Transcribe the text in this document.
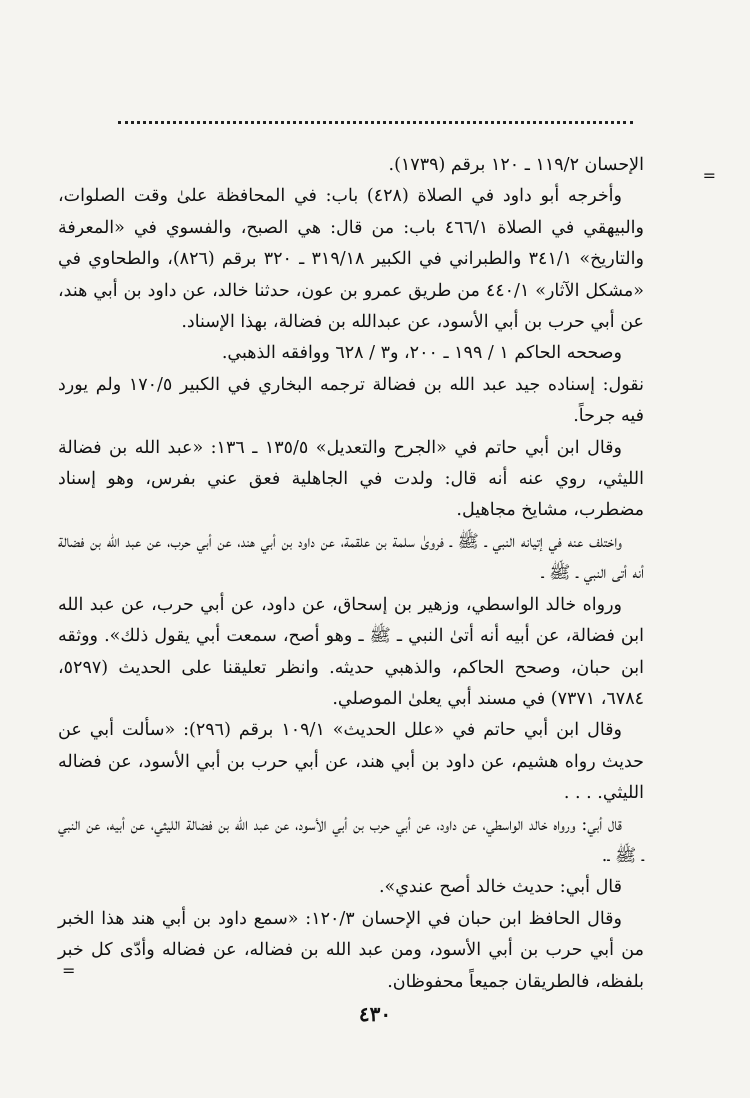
=

الإحسان ١١٩/٢ ـ ١٢٠ برقم (١٧٣٩).

وأخرجه أبو داود في الصلاة (٤٢٨) باب: في المحافظة علىٰ وقت الصلوات، والبيهقي في الصلاة ٤٦٦/١ باب: من قال: هي الصبح، والفسوي في «المعرفة والتاريخ» ٣٤١/١ والطبراني في الكبير ٣١٩/١٨ ـ ٣٢٠ برقم (٨٢٦)، والطحاوي في «مشكل الآثار» ٤٤٠/١ من طريق عمرو بن عون، حدثنا خالد، عن داود بن أبي هند، عن أبي حرب بن أبي الأسود، عن عبدالله بن فضالة، بهذا الإسناد.

وصححه الحاكم ١ / ١٩٩ ـ ٢٠٠، و٣ / ٦٢٨ ووافقه الذهبي.

نقول: إسناده جيد عبد الله بن فضالة ترجمه البخاري في الكبير ١٧٠/٥ ولم يورد فيه جرحاً.

وقال ابن أبي حاتم في «الجرح والتعديل» ١٣٥/٥ ـ ١٣٦: «عبد الله بن فضالة الليثي، روي عنه أنه قال: ولدت في الجاهلية فعق عني بفرس، وهو إسناد مضطرب، مشايخ مجاهيل.

واختلف عنه في إتيانه النبي ـ ﷺ ـ فروىٰ سلمة بن علقمة، عن داود بن أبي هند، عن أبي حرب، عن عبد الله بن فضالة أنه أتى النبي ـ ﷺ ـ

ورواه خالد الواسطي، وزهير بن إسحاق، عن داود، عن أبي حرب، عن عبد الله ابن فضالة، عن أبيه أنه أتىٰ النبي ـ ﷺ ـ وهو أصح، سمعت أبي يقول ذلك». ووثقه ابن حبان، وصحح الحاكم، والذهبي حديثه. وانظر تعليقنا على الحديث (٥٢٩٧، ٦٧٨٤، ٧٣٧١) في مسند أبي يعلىٰ الموصلي.

وقال ابن أبي حاتم في «علل الحديث» ١٠٩/١ برقم (٢٩٦): «سألت أبي عن حديث رواه هشيم، عن داود بن أبي هند، عن أبي حرب بن أبي الأسود، عن فضاله الليثي. . . .

قال أبي: ورواه خالد الواسطي، عن داود، عن أبي حرب بن أبي الأسود، عن عبد الله بن فضالة الليثي، عن أبيه، عن النبي ـ ﷺ ـ.

قال أبي: حديث خالد أصح عندي».

وقال الحافظ ابن حبان في الإحسان ١٢٠/٣: «سمع داود بن أبي هند هذا الخبر من أبي حرب بن أبي الأسود، ومن عبد الله بن فضاله، عن فضاله وأدّى كل خبر بلفظه، فالطريقان جميعاً محفوظان.

=
٤٣٠
